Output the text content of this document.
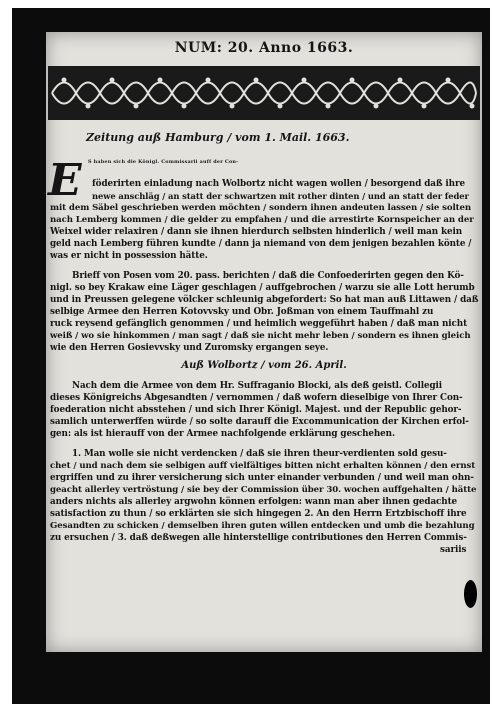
NUM: 20. Anno 1663.
Zeitung auß Hamburg / vom 1. Mail. 1663.
E	S haben sich die Königl. Commissarii auff der Con-
föderirten einladung nach Wolbortz nicht wagen wollen / besorgend daß ihre
newe anschläg / an statt der schwartzen mit rother dinten / und an statt der feder
mit dem Säbel geschrieben werden möchten / sondern ihnen andeuten lassen / sie solten
nach Lemberg kommen / die gelder zu empfahen / und die arrestirte Kornspeicher an der
Weixel wider relaxiren / dann sie ihnen hierdurch selbsten hinderlich / weil man kein
geld nach Lemberg führen kundte / dann ja niemand von dem jenigen bezahlen könte /
was er nicht in possession hätte.
Brieff von Posen vom 20. pass. berichten / daß die Confoederirten gegen den Kö-
nigl. so bey Krakaw eine Läger geschlagen / auffgebrochen / warzu sie alle Lott herumb
und in Preussen gelegene völcker schleunig abgefordert: So hat man auß Littawen / daß
selbige Armee den Herren Kotovvsky und Obr. Joßman von einem Tauffmahl zu
ruck reysend gefänglich genommen / und heimlich weggeführt haben / daß man nicht
weiß / wo sie hinkommen / man sagt / daß sie nicht mehr leben / sondern es ihnen gleich
wie den Herren Gosievvsky und Zuromsky ergangen seye.
Auß Wolbortz / vom 26. April.
Nach dem die Armee von dem Hr. Suffraganio Blocki, als deß geistl. Collegii
dieses Königreichs Abgesandten / vernommen / daß wofern dieselbige von Ihrer Con-
foederation nicht absstehen / und sich Ihrer Königl. Majest. und der Republic gehor-
samlich unterwerffen würde / so solte darauff die Excommunication der Kirchen erfol-
gen: als ist hierauff von der Armee nachfolgende erklärung geschehen.
1. Man wolle sie nicht verdencken / daß sie ihren theur-verdienten sold gesu-
chet / und nach dem sie selbigen auff vielfältiges bitten nicht erhalten können / den ernst
ergriffen und zu ihrer versicherung sich unter einander verbunden / und weil man ohn-
geacht allerley vertröstung / sie bey der Commission über 30. wochen auffgehalten / hätte
anders nichts als allerley argwohn können erfolgen: wann man aber ihnen gedachte
satisfaction zu thun / so erklärten sie sich hingegen 2. An den Herrn Ertzbischoff ihre
Gesandten zu schicken / demselben ihren guten willen entdecken und umb die bezahlung
zu ersuchen / 3. daß deßwegen alle hinterstellige contributiones den Herren Commis-
sariis
